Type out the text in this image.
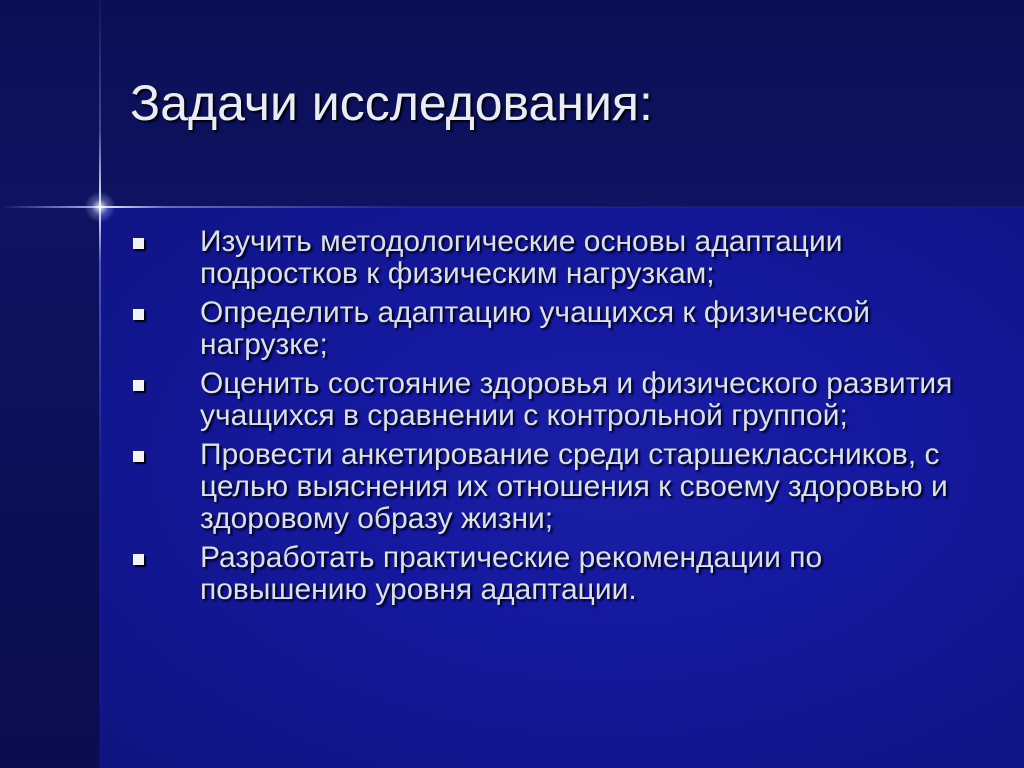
Задачи исследования:
Изучить методологические основы адаптации подростков к физическим нагрузкам;
Определить адаптацию учащихся к физической нагрузке;
Оценить состояние здоровья и физического развития учащихся в сравнении с контрольной группой;
Провести анкетирование среди старшеклассников, с целью выяснения их отношения к своему здоровью и здоровому образу жизни;
Разработать практические рекомендации по повышению уровня адаптации.
